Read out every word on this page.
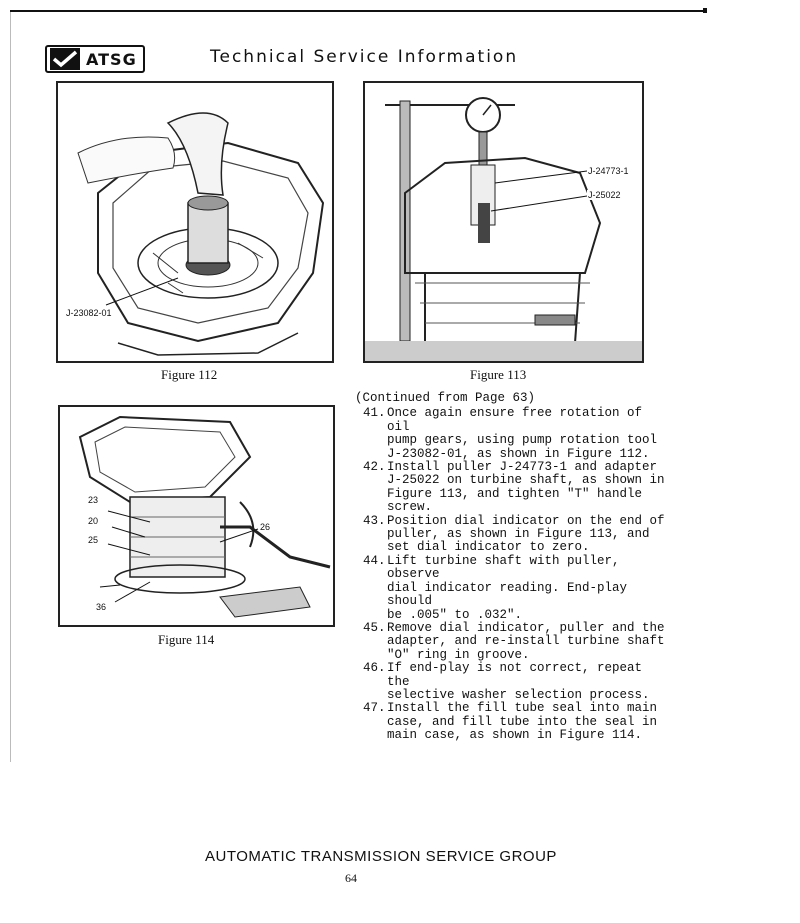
ATSG	Technical Service Information
J-23082-01
Figure 112
J-24773-1
J-25022
Figure 113
23
20
25
26
36
Figure 114
(Continued from Page 63)
41. Once again ensure free rotation of oil
pump gears, using pump rotation tool
J-23082-01, as shown in Figure 112.
42. Install puller J-24773-1 and adapter
J-25022 on turbine shaft, as shown in
Figure 113, and tighten "T" handle
screw.
43. Position dial indicator on the end of
puller, as shown in Figure 113, and
set dial indicator to zero.
44. Lift turbine shaft with puller, observe
dial indicator reading. End-play should
be .005" to .032".
45. Remove dial indicator, puller and the
adapter, and re-install turbine shaft
"O" ring in groove.
46. If end-play is not correct, repeat the
selective washer selection process.
47. Install the fill tube seal into main
case, and fill tube into the seal in
main case, as shown in Figure 114.
AUTOMATIC TRANSMISSION SERVICE GROUP
64
